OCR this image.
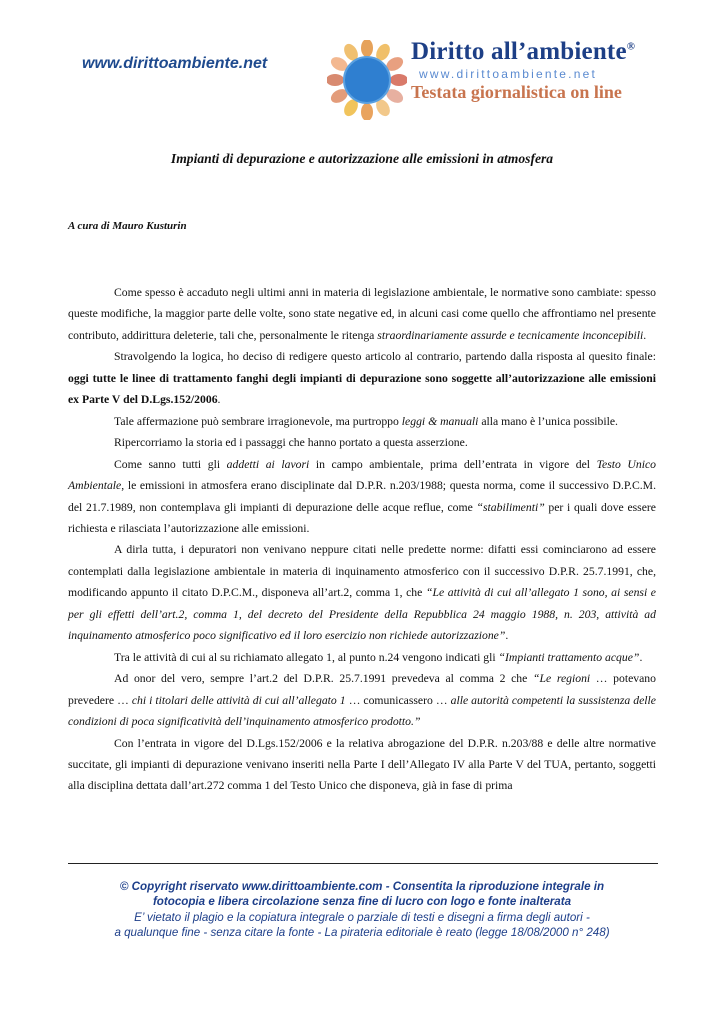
www.dirittoambiente.net	Diritto all’ambiente®
www.dirittoambiente.net
Testata giornalistica on line
Impianti di depurazione e autorizzazione alle emissioni in atmosfera
A cura di Mauro Kusturin

Come spesso è accaduto negli ultimi anni in materia di legislazione ambientale, le normative sono cambiate: spesso queste modifiche, la maggior parte delle volte, sono state negative ed, in alcuni casi come quello che affrontiamo nel presente contributo, addirittura deleterie, tali che, personalmente le ritenga straordinariamente assurde e tecnicamente inconcepibili.

Stravolgendo la logica, ho deciso di redigere questo articolo al contrario, partendo dalla risposta al quesito finale: oggi tutte le linee di trattamento fanghi degli impianti di depurazione sono soggette all’autorizzazione alle emissioni ex Parte V del D.Lgs.152/2006.

Tale affermazione può sembrare irragionevole, ma purtroppo leggi & manuali alla mano è l’unica possibile.

Ripercorriamo la storia ed i passaggi che hanno portato a questa asserzione.

Come sanno tutti gli addetti ai lavori in campo ambientale, prima dell’entrata in vigore del Testo Unico Ambientale, le emissioni in atmosfera erano disciplinate dal D.P.R. n.203/1988; questa norma, come il successivo D.P.C.M. del 21.7.1989, non contemplava gli impianti di depurazione delle acque reflue, come “stabilimenti” per i quali dove essere richiesta e rilasciata l’autorizzazione alle emissioni.

A dirla tutta, i depuratori non venivano neppure citati nelle predette norme: difatti essi cominciarono ad essere contemplati dalla legislazione ambientale in materia di inquinamento atmosferico con il successivo D.P.R. 25.7.1991, che, modificando appunto il citato D.P.C.M., disponeva all’art.2, comma 1, che “Le attività di cui all’allegato 1 sono, ai sensi e per gli effetti dell’art.2, comma 1, del decreto del Presidente della Repubblica 24 maggio 1988, n. 203, attività ad inquinamento atmosferico poco significativo ed il loro esercizio non richiede autorizzazione”.

Tra le attività di cui al su richiamato allegato 1, al punto n.24 vengono indicati gli “Impianti trattamento acque”.

Ad onor del vero, sempre l’art.2 del D.P.R. 25.7.1991 prevedeva al comma 2 che “Le regioni … potevano prevedere … chi i titolari delle attività di cui all’allegato 1 … comunicassero … alle autorità competenti la sussistenza delle condizioni di poca significatività dell’inquinamento atmosferico prodotto.”

Con l’entrata in vigore del D.Lgs.152/2006 e la relativa abrogazione del D.P.R. n.203/88 e delle altre normative succitate, gli impianti di depurazione venivano inseriti nella Parte I dell’Allegato IV alla Parte V del TUA, pertanto, soggetti alla disciplina dettata dall’art.272 comma 1 del Testo Unico che disponeva, già in fase di prima

© Copyright riservato www.dirittoambiente.com - Consentita la riproduzione integrale in
fotocopia e libera circolazione senza fine di lucro con logo e fonte inalterata
E’ vietato il plagio e la copiatura integrale o parziale di testi e disegni a firma degli autori -
a qualunque fine - senza citare la fonte - La pirateria editoriale è reato (legge 18/08/2000 n° 248)
